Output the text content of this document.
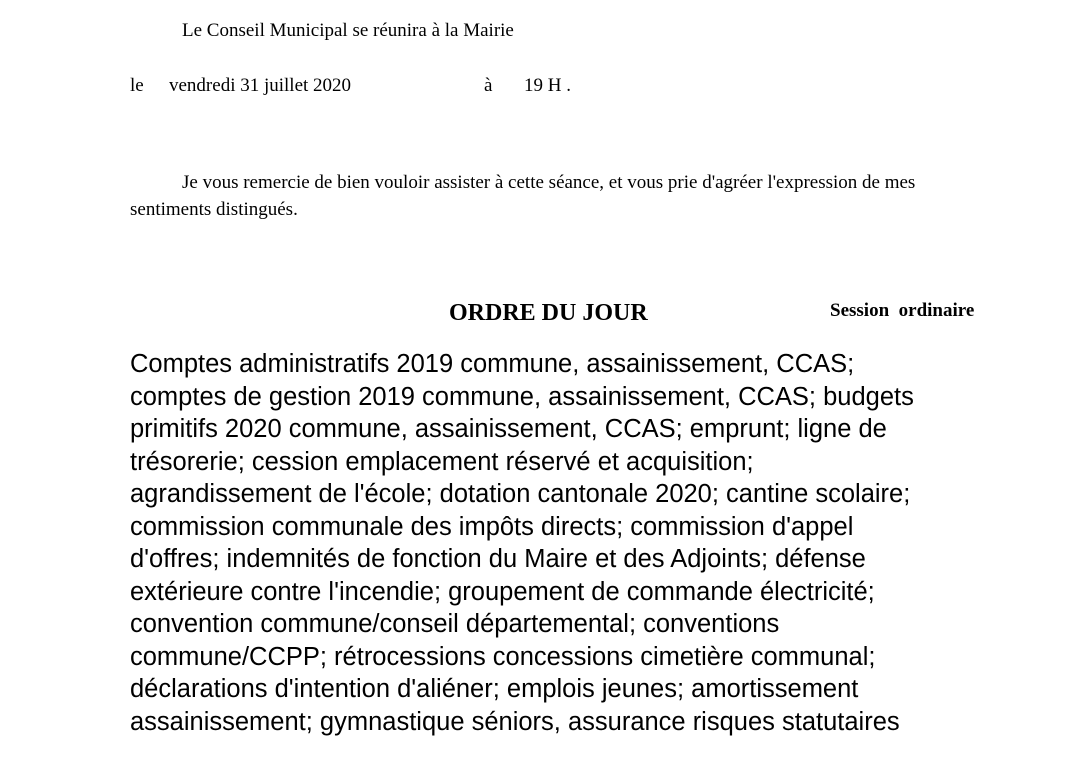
Le Conseil Municipal se réunira à la Mairie
le vendredi 31 juillet 2020	à 19 H .
Je vous remercie de bien vouloir assister à cette séance, et vous prie d'agréer l'expression de mes sentiments distingués.
ORDRE DU JOUR	Session  ordinaire
Comptes administratifs 2019 commune, assainissement, CCAS;
comptes de gestion 2019 commune, assainissement, CCAS; budgets
primitifs 2020 commune, assainissement, CCAS; emprunt; ligne de
trésorerie; cession emplacement réservé et acquisition;
agrandissement de l'école; dotation cantonale 2020; cantine scolaire;
commission communale des impôts directs; commission d'appel
d'offres; indemnités de fonction du Maire et des Adjoints; défense
extérieure contre l'incendie; groupement de commande électricité;
convention commune/conseil départemental; conventions
commune/CCPP; rétrocessions concessions cimetière communal;
déclarations d'intention d'aliéner; emplois jeunes; amortissement
assainissement; gymnastique séniors, assurance risques statutaires
